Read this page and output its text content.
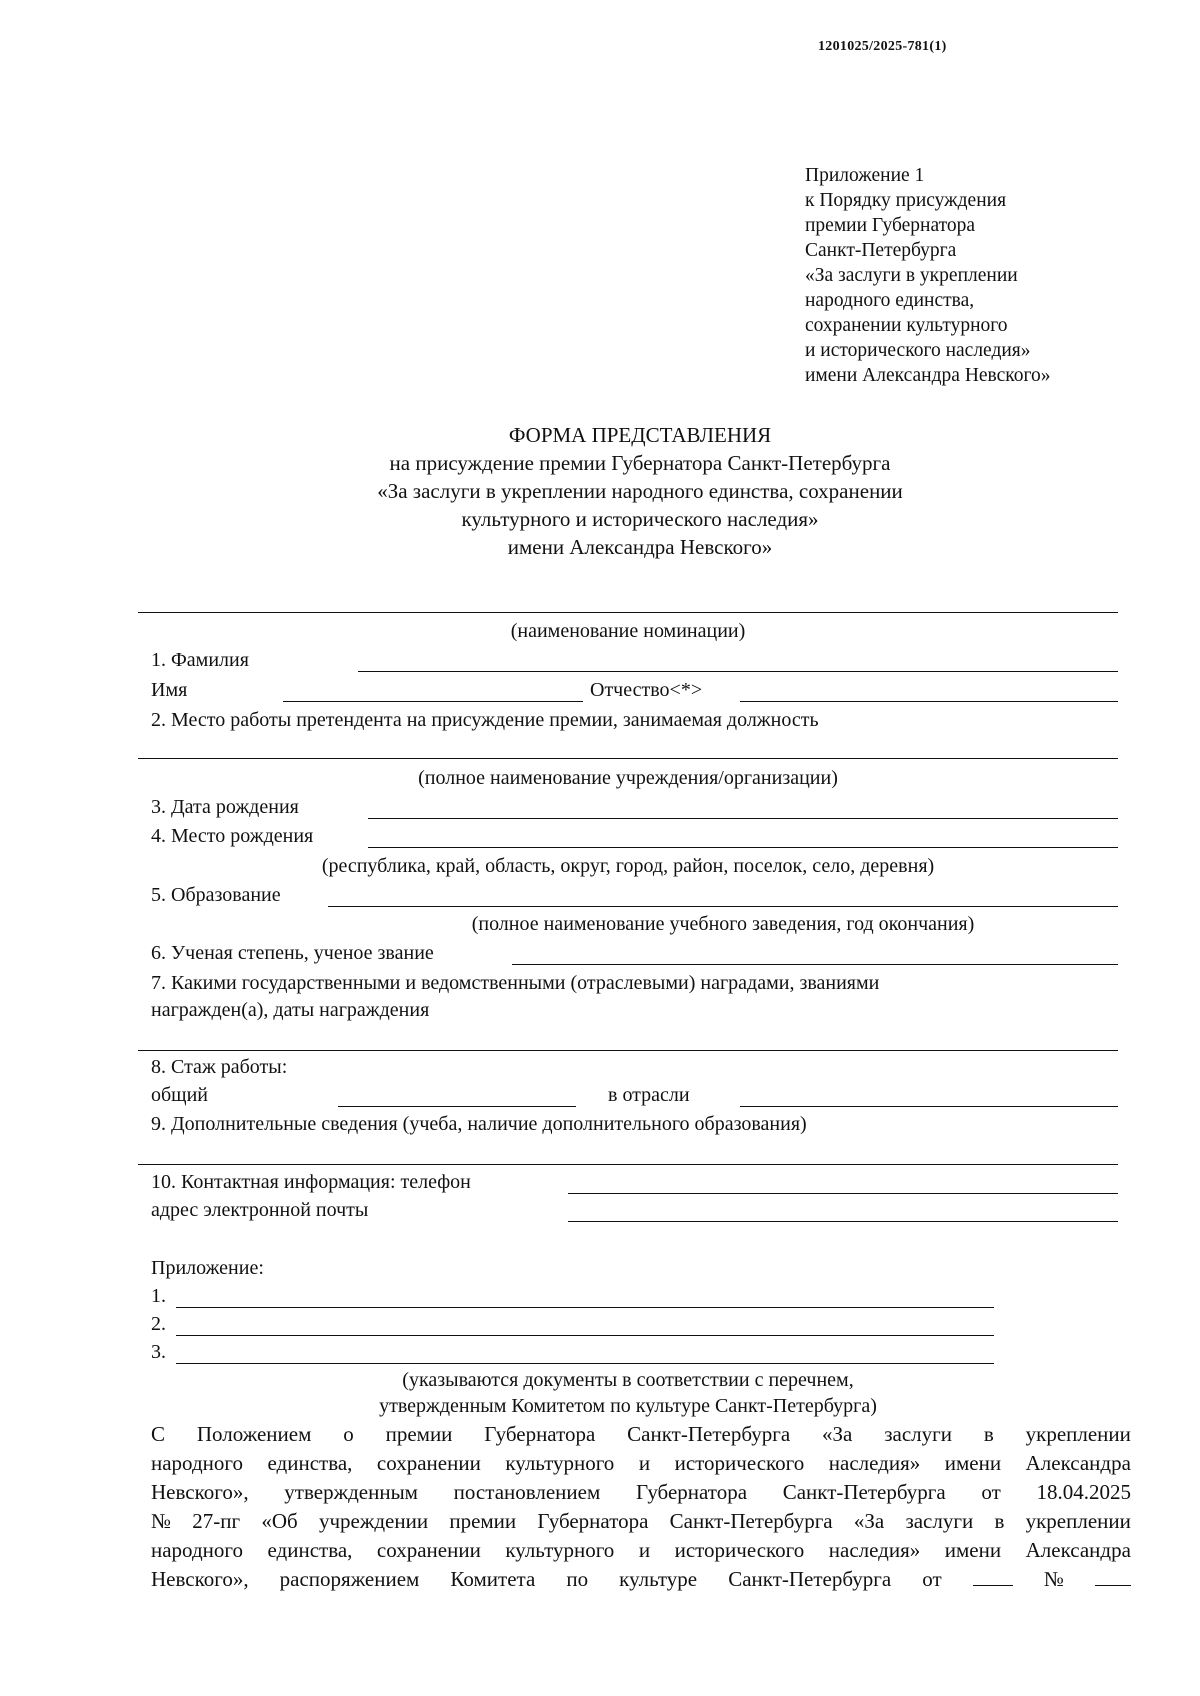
1201025/2025-781(1)
Приложение 1
к Порядку присуждения
премии Губернатора
Санкт-Петербурга
«За заслуги в укреплении
народного единства,
сохранении культурного
и исторического наследия»
имени Александра Невского»
ФОРМА ПРЕДСТАВЛЕНИЯ
на присуждение премии Губернатора Санкт-Петербурга
«За заслуги в укреплении народного единства, сохранении
культурного и исторического наследия»
имени Александра Невского»
(наименование номинации)
1. Фамилия
Имя	Отчество<*>
2. Место работы претендента на присуждение премии, занимаемая должность
(полное наименование учреждения/организации)
3. Дата рождения
4. Место рождения
(республика, край, область, округ, город, район, поселок, село, деревня)
5. Образование
(полное наименование учебного заведения, год окончания)
6. Ученая степень, ученое звание
7. Какими государственными и ведомственными (отраслевыми) наградами, званиями
награжден(а), даты награждения
8. Стаж работы:
общий	в отрасли
9. Дополнительные сведения (учеба, наличие дополнительного образования)
10. Контактная информация: телефон
адрес электронной почты
Приложение:
1.
2.
3.
(указываются документы в соответствии с перечнем,
утвержденным Комитетом по культуре Санкт-Петербурга)
С Положением о премии Губернатора Санкт-Петербурга «За заслуги в укреплении
народного единства, сохранении культурного и исторического наследия» имени Александра
Невского», утвержденным постановлением Губернатора Санкт-Петербурга от 18.04.2025
№ 27-пг «Об учреждении премии Губернатора Санкт-Петербурга «За заслуги в укреплении
народного единства, сохранении культурного и исторического наследия» имени Александра
Невского», распоряжением Комитета по культуре Санкт-Петербурга от	№
